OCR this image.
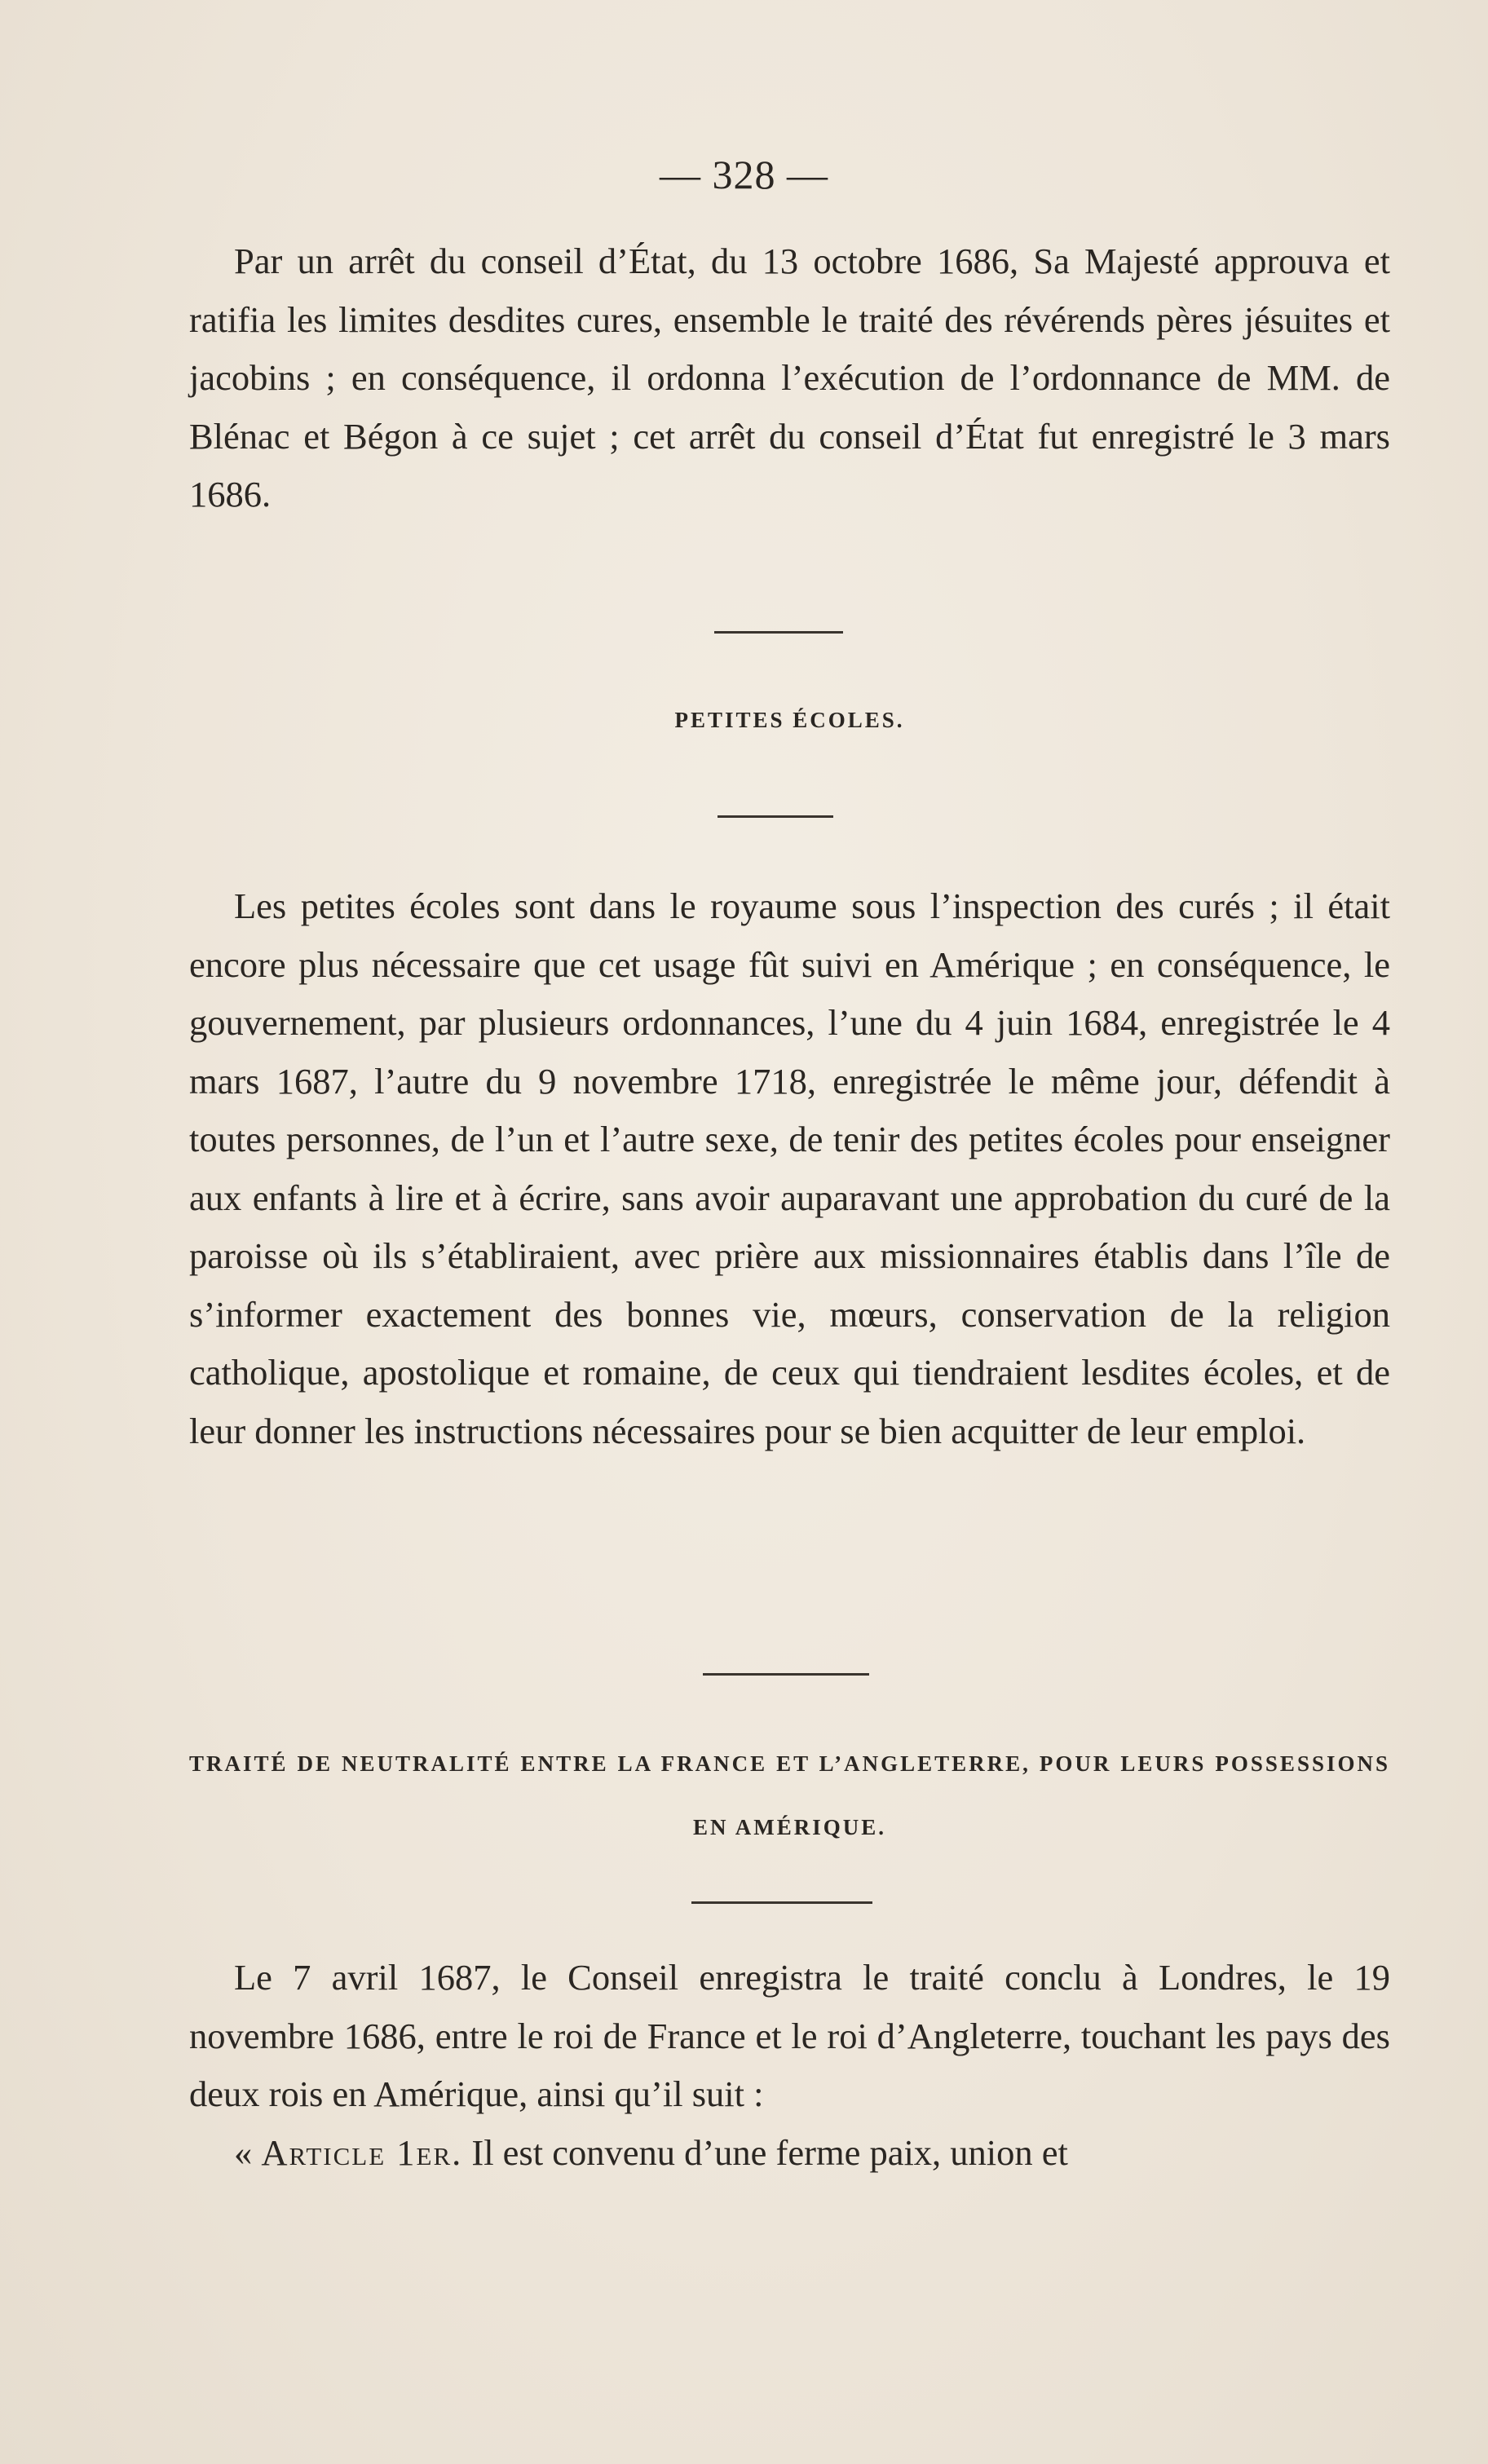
— 328 —

Par un arrêt du conseil d’État, du 13 octobre 1686, Sa Majesté approuva et ratifia les limites desdites cures, ensemble le traité des révérends pères jésuites et jacobins ; en conséquence, il ordonna l’exécution de l’ordonnance de MM. de Blénac et Bégon à ce sujet ; cet arrêt du conseil d’État fut enregistré le 3 mars 1686.

PETITES ÉCOLES.

Les petites écoles sont dans le royaume sous l’inspection des curés ; il était encore plus nécessaire que cet usage fût suivi en Amérique ; en conséquence, le gouvernement, par plusieurs ordonnances, l’une du 4 juin 1684, enregistrée le 4 mars 1687, l’autre du 9 novembre 1718, enregistrée le même jour, défendit à toutes personnes, de l’un et l’autre sexe, de tenir des petites écoles pour enseigner aux enfants à lire et à écrire, sans avoir auparavant une approbation du curé de la paroisse où ils s’établiraient, avec prière aux missionnaires établis dans l’île de s’informer exactement des bonnes vie, mœurs, conservation de la religion catholique, apostolique et romaine, de ceux qui tiendraient lesdites écoles, et de leur donner les instructions nécessaires pour se bien acquitter de leur emploi.

TRAITÉ DE NEUTRALITÉ ENTRE LA FRANCE ET L’ANGLETERRE, POUR LEURS POSSESSIONS EN AMÉRIQUE.

Le 7 avril 1687, le Conseil enregistra le traité conclu à Londres, le 19 novembre 1686, entre le roi de France et le roi d’Angleterre, touchant les pays des deux rois en Amérique, ainsi qu’il suit :

« Article 1er. Il est convenu d’une ferme paix, union et
